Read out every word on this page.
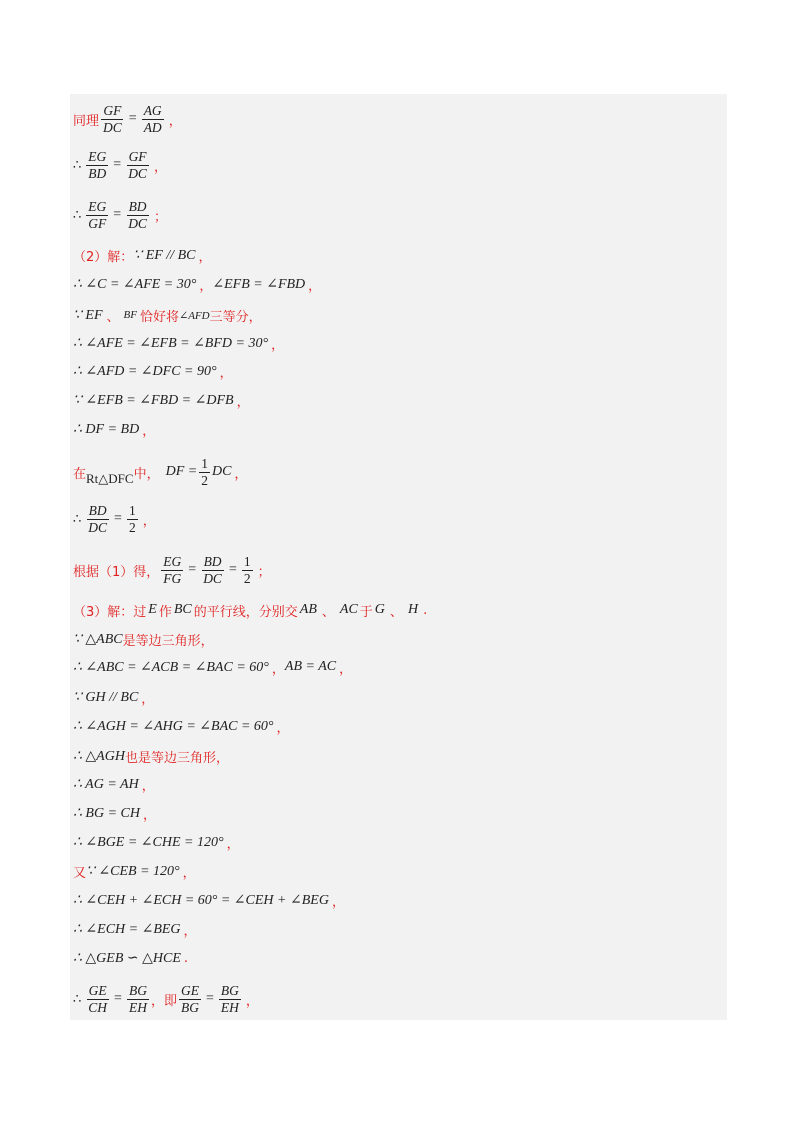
同理 $\frac{GF}{DC} = \frac{AG}{AD}$ ，
∴ $\frac{EG}{BD} = \frac{GF}{DC}$ ，
∴ $\frac{EG}{GF} = \frac{BD}{DC}$ ；
（2）解： ∵ EF // BC ，
∴ ∠C = ∠AFE = 30° ， ∠EFB = ∠FBD ，
∵ EF 、 BF 恰好将 ∠AFD 三等分，
∴ ∠AFE = ∠EFB = ∠BFD = 30° ，
∴ ∠AFD = ∠DFC = 90° ，
∵ ∠EFB = ∠FBD = ∠DFB ，
∴ DF = BD ，
在 Rt△DFC 中， DF = $\frac{1}{2}$ DC ，
∴ $\frac{BD}{DC} = \frac{1}{2}$ ，
根据（1）得， $\frac{EG}{FG} = \frac{BD}{DC} = \frac{1}{2}$ ；
（3）解：过 E 作 BC 的平行线，分别交 AB 、 AC 于 G 、 H .
∵ △ABC 是等边三角形，
∴ ∠ABC = ∠ACB = ∠BAC = 60° ， AB = AC ，
∵ GH // BC ，
∴ ∠AGH = ∠AHG = ∠BAC = 60° ，
∴ △AGH 也是等边三角形，
∴ AG = AH ，
∴ BG = CH ，
∴ ∠BGE = ∠CHE = 120° ，
又 ∵ ∠CEB = 120° ，
∴ ∠CEH + ∠ECH = 60° = ∠CEH + ∠BEG ，
∴ ∠ECH = ∠BEG ，
∴ △GEB ∽ △HCE .
∴ $\frac{GE}{CH} = \frac{BG}{EH}$ ，即 $\frac{GE}{BG} = \frac{BG}{EH}$ ，
